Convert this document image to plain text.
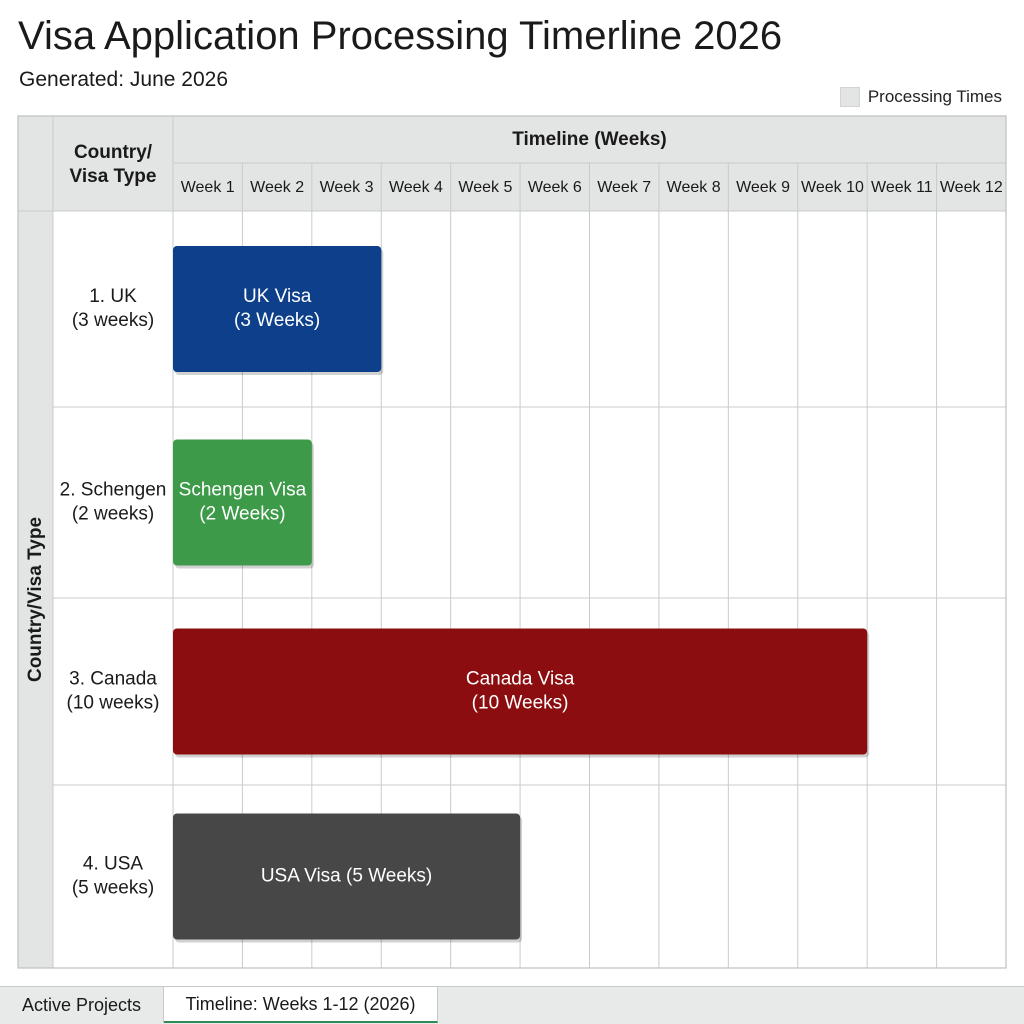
Visa Application Processing Timerline 2026
Generated: June 2026
Processing Times
Country/
Visa Type
Timeline (Weeks)
Week 1 Week 2 Week 3 Week 4 Week 5 Week 6 Week 7 Week 8 Week 9 Week 10 Week 11 Week 12
Country/Visa Type
1. UK
(3 weeks)
UK Visa
(3 Weeks)
2. Schengen
(2 weeks)
Schengen Visa
(2 Weeks)
3. Canada
(10 weeks)
Canada Visa
(10 Weeks)
4. USA
(5 weeks)
USA Visa (5 Weeks)
Active Projects	Timeline: Weeks 1-12 (2026)
